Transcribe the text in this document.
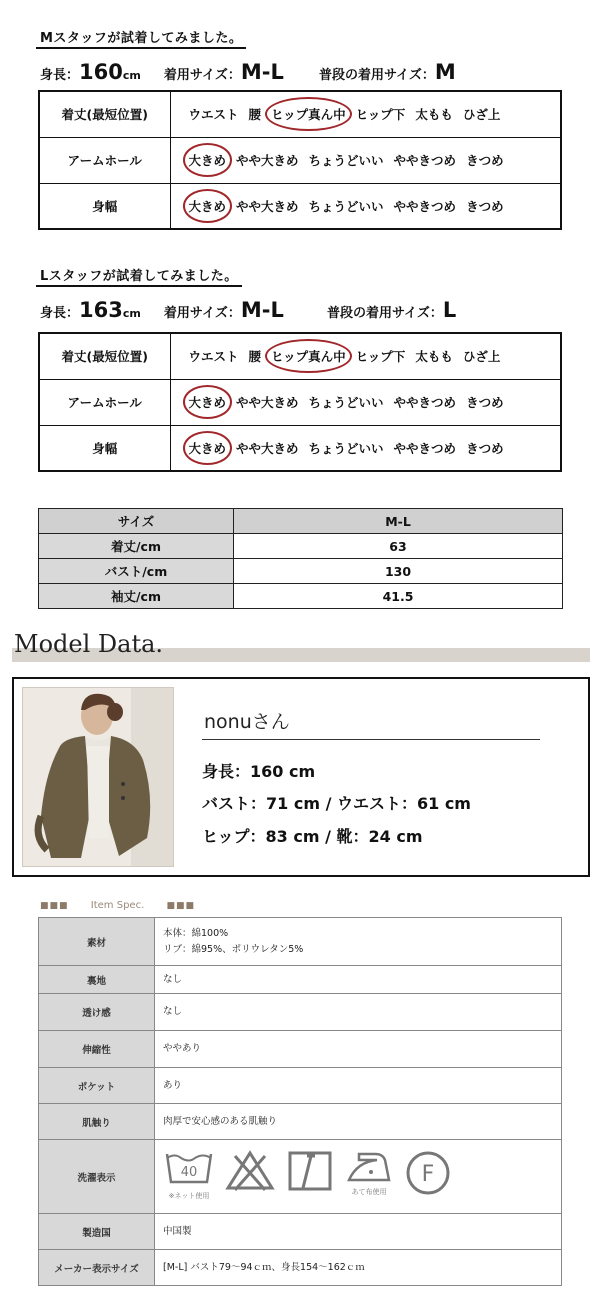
Mスタッフが試着してみました。
身長：160cm 着用サイズ：M-L	普段の着用サイズ：M
着丈(最短位置)	ウエスト 腰 ヒップ真ん中 ヒップ下 太もも ひざ上
アームホール	大きめ やや大きめ ちょうどいい ややきつめ きつめ
身幅	大きめ やや大きめ ちょうどいい ややきつめ きつめ
Lスタッフが試着してみました。
身長：163cm 着用サイズ：M-L	普段の着用サイズ：L
着丈(最短位置)	ウエスト 腰 ヒップ真ん中 ヒップ下 太もも ひざ上
アームホール	大きめ やや大きめ ちょうどいい ややきつめ きつめ
身幅	大きめ やや大きめ ちょうどいい ややきつめ きつめ
サイズ	M-L
着丈/cm	63
バスト/cm	130
袖丈/cm	41.5
Model Data.
nonuさん
身長：160 cm
バスト：71 cm / ウエスト：61 cm
ヒップ：83 cm / 靴：24 cm
■■■ Item Spec. ■■■
素材	本体：綿100%
リブ：綿95%、ポリウレタン5%

裏地	なし

透け感	なし

伸縮性	ややあり

ポケット	あり

肌触り	肉厚で安心感のある肌触り

洗濯表示	40
※ネット使用 あて布使用
F

製造国	中国製

メーカー表示サイズ	[M-L] バスト79～94ｃｍ、身長154～162ｃｍ
